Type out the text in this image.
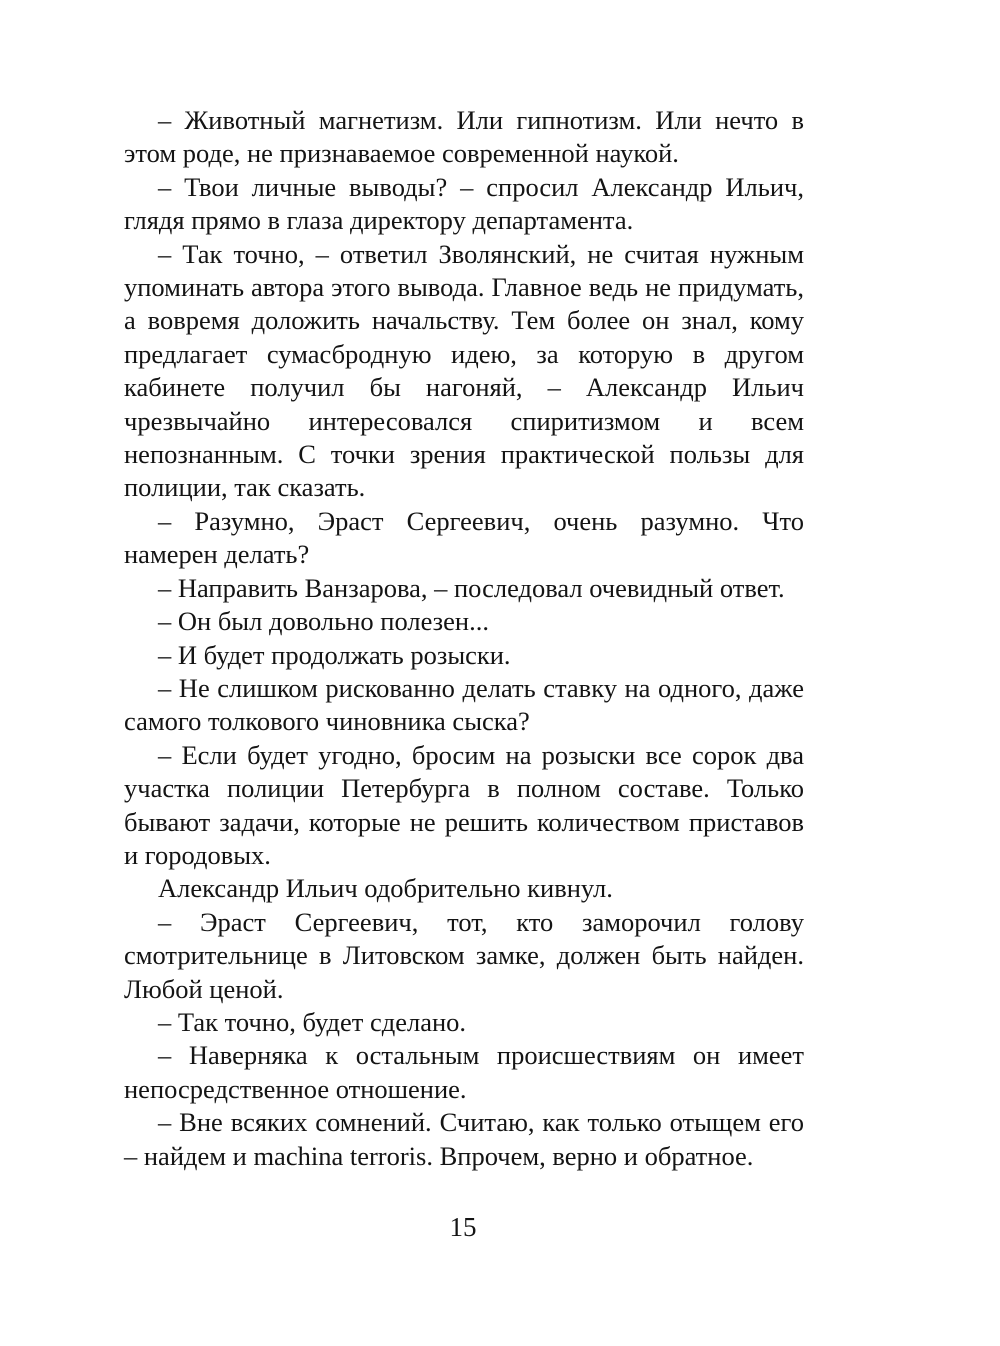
– Животный магнетизм. Или гипнотизм. Или нечто в этом роде, не признаваемое современной наукой.

– Твои личные выводы? – спросил Александр Ильич, глядя прямо в глаза директору департамента.

– Так точно, – ответил Зволянский, не считая нужным упоминать автора этого вывода. Главное ведь не придумать, а вовремя доложить начальству. Тем более он знал, кому предлагает сумасбродную идею, за которую в другом кабинете получил бы нагоняй, – Александр Ильич чрезвычайно интересовался спиритизмом и всем непознанным. С точки зрения практической пользы для полиции, так сказать.

– Разумно, Эраст Сергеевич, очень разумно. Что намерен делать?

– Направить Ванзарова, – последовал очевидный ответ.

– Он был довольно полезен...

– И будет продолжать розыски.

– Не слишком рискованно делать ставку на одного, даже самого толкового чиновника сыска?

– Если будет угодно, бросим на розыски все сорок два участка полиции Петербурга в полном составе. Только бывают задачи, которые не решить количеством приставов и городовых.

Александр Ильич одобрительно кивнул.

– Эраст Сергеевич, тот, кто заморочил голову смотрительнице в Литовском замке, должен быть найден. Любой ценой.

– Так точно, будет сделано.

– Наверняка к остальным происшествиям он имеет непосредственное отношение.

– Вне всяких сомнений. Считаю, как только отыщем его – найдем и machina terroris. Впрочем, верно и обратное.

15
